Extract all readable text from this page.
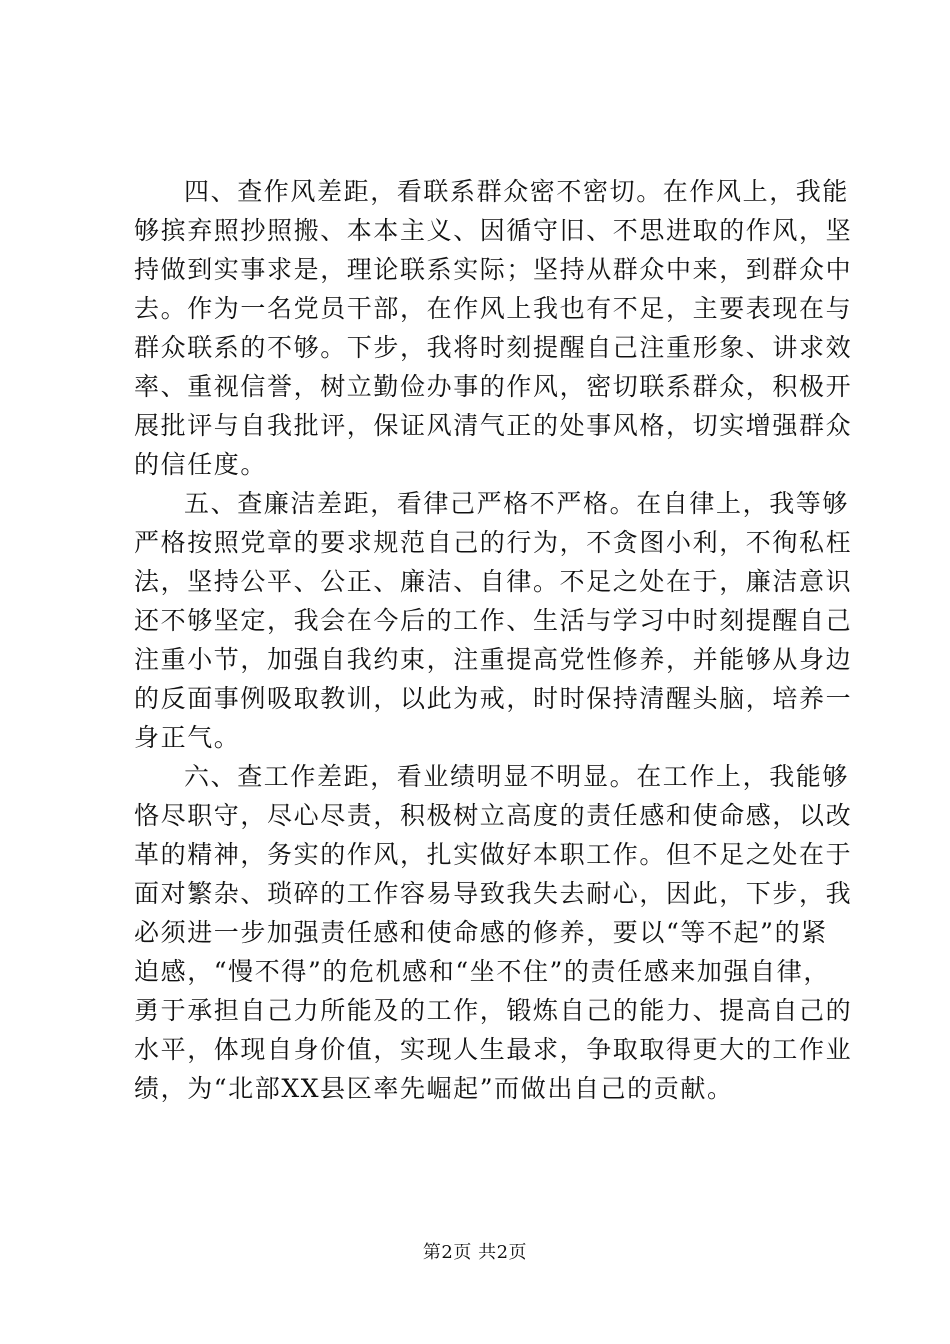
四、查作风差距，看联系群众密不密切。在作风上，我能
够摈弃照抄照搬、本本主义、因循守旧、不思进取的作风，坚
持做到实事求是，理论联系实际；坚持从群众中来，到群众中
去。作为一名党员干部，在作风上我也有不足，主要表现在与
群众联系的不够。下步，我将时刻提醒自己注重形象、讲求效
率、重视信誉，树立勤俭办事的作风，密切联系群众，积极开
展批评与自我批评，保证风清气正的处事风格，切实增强群众
的信任度。
五、查廉洁差距，看律己严格不严格。在自律上，我等够
严格按照党章的要求规范自己的行为，不贪图小利，不徇私枉
法，坚持公平、公正、廉洁、自律。不足之处在于，廉洁意识
还不够坚定，我会在今后的工作、生活与学习中时刻提醒自己
注重小节，加强自我约束，注重提高党性修养，并能够从身边
的反面事例吸取教训，以此为戒，时时保持清醒头脑，培养一
身正气。
六、查工作差距，看业绩明显不明显。在工作上，我能够
恪尽职守，尽心尽责，积极树立高度的责任感和使命感，以改
革的精神，务实的作风，扎实做好本职工作。但不足之处在于
面对繁杂、琐碎的工作容易导致我失去耐心，因此，下步，我
必须进一步加强责任感和使命感的修养，要以“等不起”的紧
迫感，“慢不得”的危机感和“坐不住”的责任感来加强自律，
勇于承担自己力所能及的工作，锻炼自己的能力、提高自己的
水平，体现自身价值，实现人生最求，争取取得更大的工作业
绩，为“北部XX县区率先崛起”而做出自己的贡献。
第2页 共2页
